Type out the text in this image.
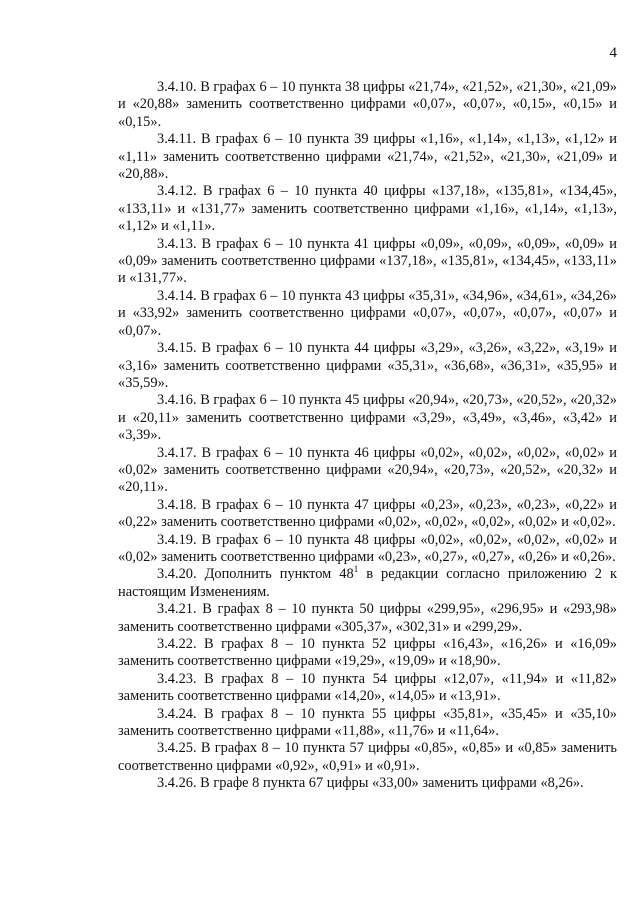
4

3.4.10. В графах 6 – 10 пункта 38 цифры «21,74», «21,52», «21,30», «21,09» и «20,88» заменить соответственно цифрами «0,07», «0,07», «0,15», «0,15» и «0,15».

3.4.11. В графах 6 – 10 пункта 39 цифры «1,16», «1,14», «1,13», «1,12» и «1,11» заменить соответственно цифрами «21,74», «21,52», «21,30», «21,09» и «20,88».

3.4.12. В графах 6 – 10 пункта 40 цифры «137,18», «135,81», «134,45», «133,11» и «131,77» заменить соответственно цифрами «1,16», «1,14», «1,13», «1,12» и «1,11».

3.4.13. В графах 6 – 10 пункта 41 цифры «0,09», «0,09», «0,09», «0,09» и «0,09» заменить соответственно цифрами «137,18», «135,81», «134,45», «133,11» и «131,77».

3.4.14. В графах 6 – 10 пункта 43 цифры «35,31», «34,96», «34,61», «34,26» и «33,92» заменить соответственно цифрами «0,07», «0,07», «0,07», «0,07» и «0,07».

3.4.15. В графах 6 – 10 пункта 44 цифры «3,29», «3,26», «3,22», «3,19» и «3,16» заменить соответственно цифрами «35,31», «36,68», «36,31», «35,95» и «35,59».

3.4.16. В графах 6 – 10 пункта 45 цифры «20,94», «20,73», «20,52», «20,32» и «20,11» заменить соответственно цифрами «3,29», «3,49», «3,46», «3,42» и «3,39».

3.4.17. В графах 6 – 10 пункта 46 цифры «0,02», «0,02», «0,02», «0,02» и «0,02» заменить соответственно цифрами «20,94», «20,73», «20,52», «20,32» и «20,11».

3.4.18. В графах 6 – 10 пункта 47 цифры «0,23», «0,23», «0,23», «0,22» и «0,22» заменить соответственно цифрами «0,02», «0,02», «0,02», «0,02» и «0,02».

3.4.19. В графах 6 – 10 пункта 48 цифры «0,02», «0,02», «0,02», «0,02» и «0,02» заменить соответственно цифрами «0,23», «0,27», «0,27», «0,26» и «0,26».

3.4.20. Дополнить пунктом $48^1$ в редакции согласно приложению 2 к настоящим Изменениям.

3.4.21. В графах 8 – 10 пункта 50 цифры «299,95», «296,95» и «293,98» заменить соответственно цифрами «305,37», «302,31» и «299,29».

3.4.22. В графах 8 – 10 пункта 52 цифры «16,43», «16,26» и «16,09» заменить соответственно цифрами «19,29», «19,09» и «18,90».

3.4.23. В графах 8 – 10 пункта 54 цифры «12,07», «11,94» и «11,82» заменить соответственно цифрами «14,20», «14,05» и «13,91».

3.4.24. В графах 8 – 10 пункта 55 цифры «35,81», «35,45» и «35,10» заменить соответственно цифрами «11,88», «11,76» и «11,64».

3.4.25. В графах 8 – 10 пункта 57 цифры «0,85», «0,85» и «0,85» заменить соответственно цифрами «0,92», «0,91» и «0,91».

3.4.26. В графе 8 пункта 67 цифры «33,00» заменить цифрами «8,26».
